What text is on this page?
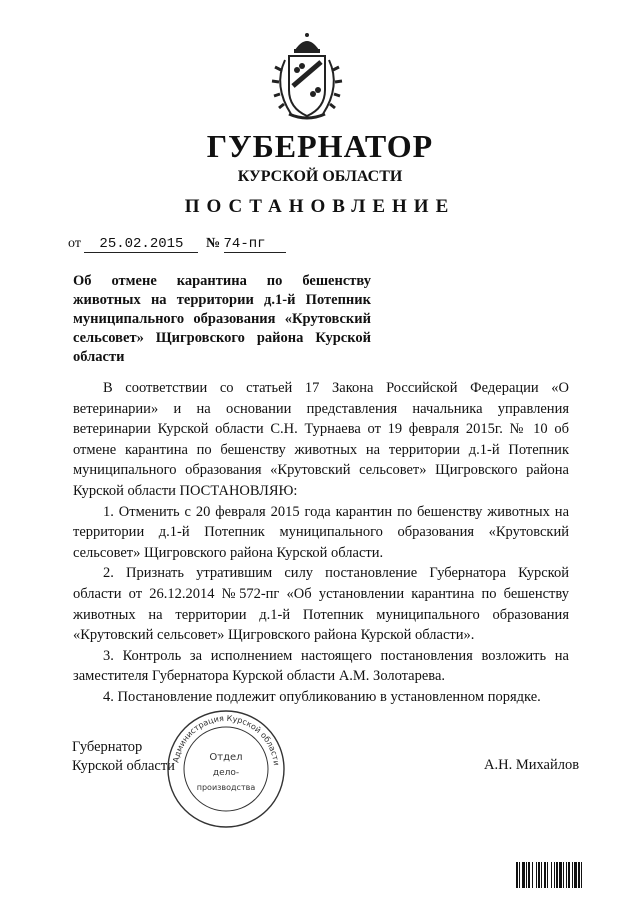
ГУБЕРНАТОР
КУРСКОЙ ОБЛАСТИ
ПОСТАНОВЛЕНИЕ
от 25.02.2015 № 74-пг
Об отмене карантина по бешенству животных на территории д.1-й Потепник муниципального образования «Крутовский сельсовет» Щигровского района Курской области

В соответствии со статьей 17 Закона Российской Федерации «О ветеринарии» и на основании представления начальника управления ветеринарии Курской области С.Н. Турнаева от 19 февраля 2015г. № 10 об отмене карантина по бешенству животных на территории д.1-й Потепник муниципального образования «Крутовский сельсовет» Щигровского района Курской области ПОСТАНОВЛЯЮ:

1. Отменить с 20 февраля 2015 года карантин по бешенству животных на территории д.1-й Потепник муниципального образования «Крутовский сельсовет» Щигровского района Курской области.

2. Признать утратившим силу постановление Губернатора Курской области от 26.12.2014 №572-пг «Об установлении карантина по бешенству животных на территории д.1-й Потепник муниципального образования «Крутовский сельсовет» Щигровского района Курской области».

3. Контроль за исполнением настоящего постановления возложить на заместителя Губернатора Курской области А.М. Золотарева.

4. Постановление подлежит опубликованию в установленном порядке.

Губернатор
Курской области
Администрация Курской области
Отдел
дело-
производства
А.Н. Михайлов
